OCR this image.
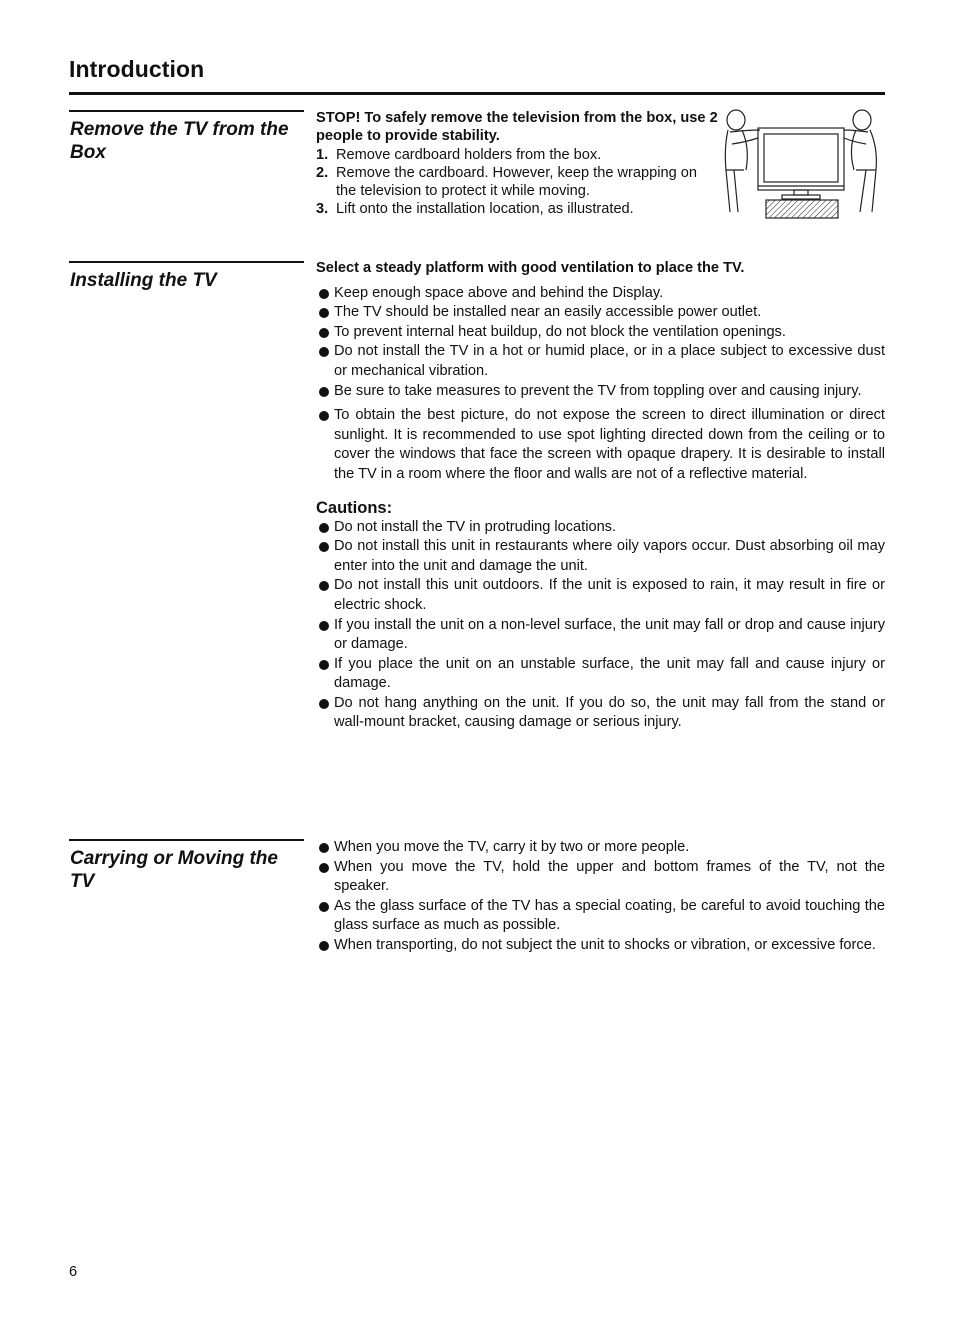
Introduction
Remove the TV from the Box

STOP! To safely remove the television from the box, use 2 people to provide stability.

1. Remove cardboard holders from the box.
2. Remove the cardboard. However, keep the wrapping on the television to protect it while moving.
3. Lift onto the installation location, as illustrated.
Installing the TV

Select a steady platform with good ventilation to place the TV.

Keep enough space above and behind the Display.
The TV should be installed near an easily accessible power outlet.
To prevent internal heat buildup, do not block the ventilation openings.
Do not install the TV in a hot or humid place, or in a place subject to excessive dust or mechanical vibration.
Be sure to take measures to prevent the TV from toppling over and causing injury.
To obtain the best picture, do not expose the screen to direct illumination or direct sunlight. It is recommended to use spot lighting directed down from the ceiling or to cover the windows that face the screen with opaque drapery. It is desirable to install the TV in a room where the floor and walls are not of a reflective material.

Cautions:

Do not install the TV in protruding locations.
Do not install this unit in restaurants where oily vapors occur. Dust absorbing oil may enter into the unit and damage the unit.
Do not install this unit outdoors. If the unit is exposed to rain, it may result in fire or electric shock.
If you install the unit on a non-level surface, the unit may fall or drop and cause injury or damage.
If you place the unit on an unstable surface, the unit may fall and cause injury or damage.
Do not hang anything on the unit. If you do so, the unit may fall from the stand or wall-mount bracket, causing damage or serious injury.
Carrying or Moving the TV
When you move the TV, carry it by two or more people.
When you move the TV, hold the upper and bottom frames of the TV, not the speaker.
As the glass surface of the TV has a special coating, be careful to avoid touching the glass surface as much as possible.
When transporting, do not subject the unit to shocks or vibration, or excessive force.
6
